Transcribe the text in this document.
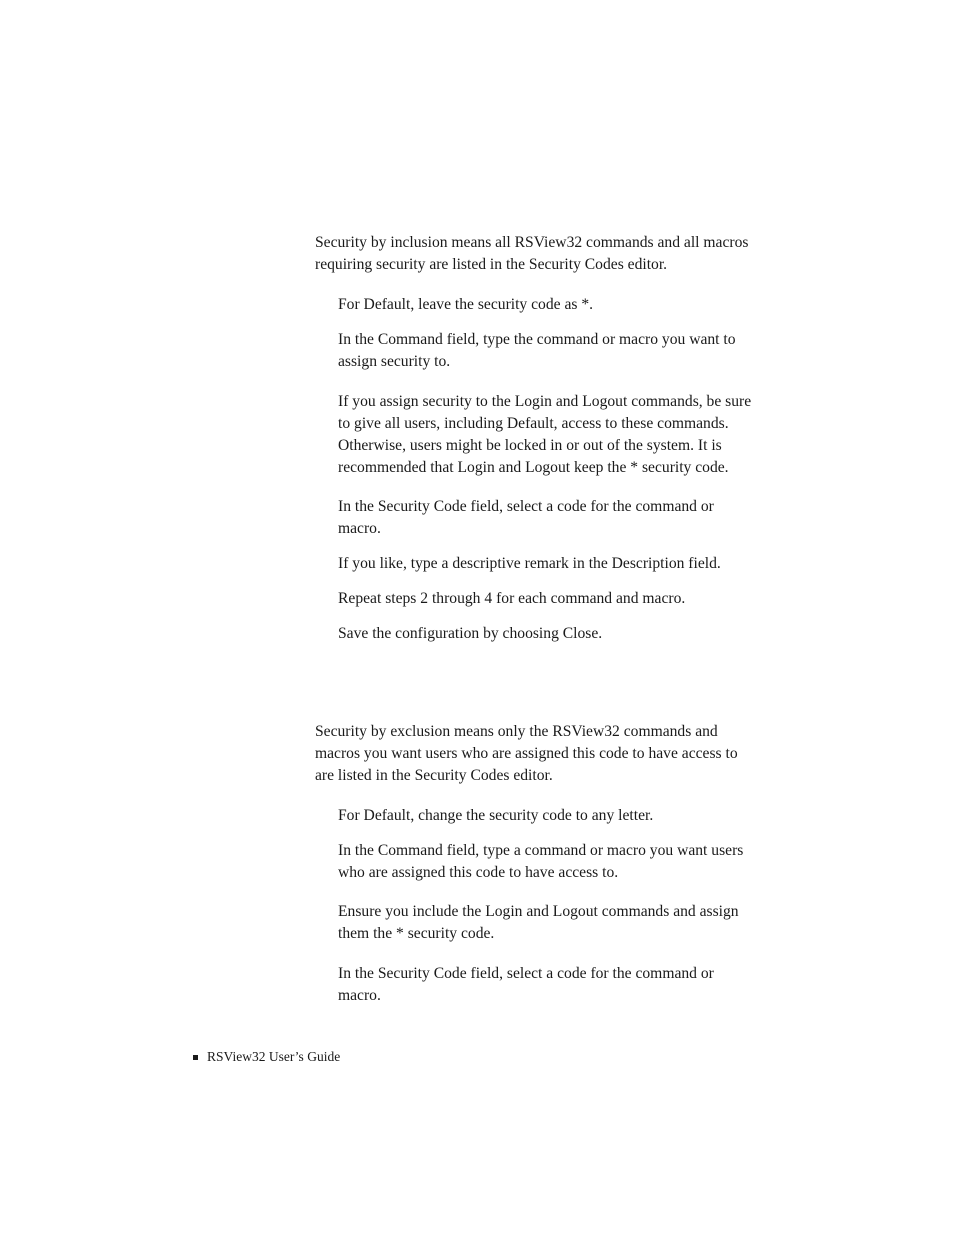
Security by inclusion means all RSView32 commands and all macros
requiring security are listed in the Security Codes editor.
For Default, leave the security code as *.
In the Command field, type the command or macro you want to
assign security to.
If you assign security to the Login and Logout commands, be sure
to give all users, including Default, access to these commands.
Otherwise, users might be locked in or out of the system. It is
recommended that Login and Logout keep the * security code.
In the Security Code field, select a code for the command or
macro.
If you like, type a descriptive remark in the Description field.
Repeat steps 2 through 4 for each command and macro.
Save the configuration by choosing Close.
Security by exclusion means only the RSView32 commands and
macros you want users who are assigned this code to have access to
are listed in the Security Codes editor.
For Default, change the security code to any letter.
In the Command field, type a command or macro you want users
who are assigned this code to have access to.
Ensure you include the Login and Logout commands and assign
them the * security code.
In the Security Code field, select a code for the command or
macro.
RSView32 User’s Guide
